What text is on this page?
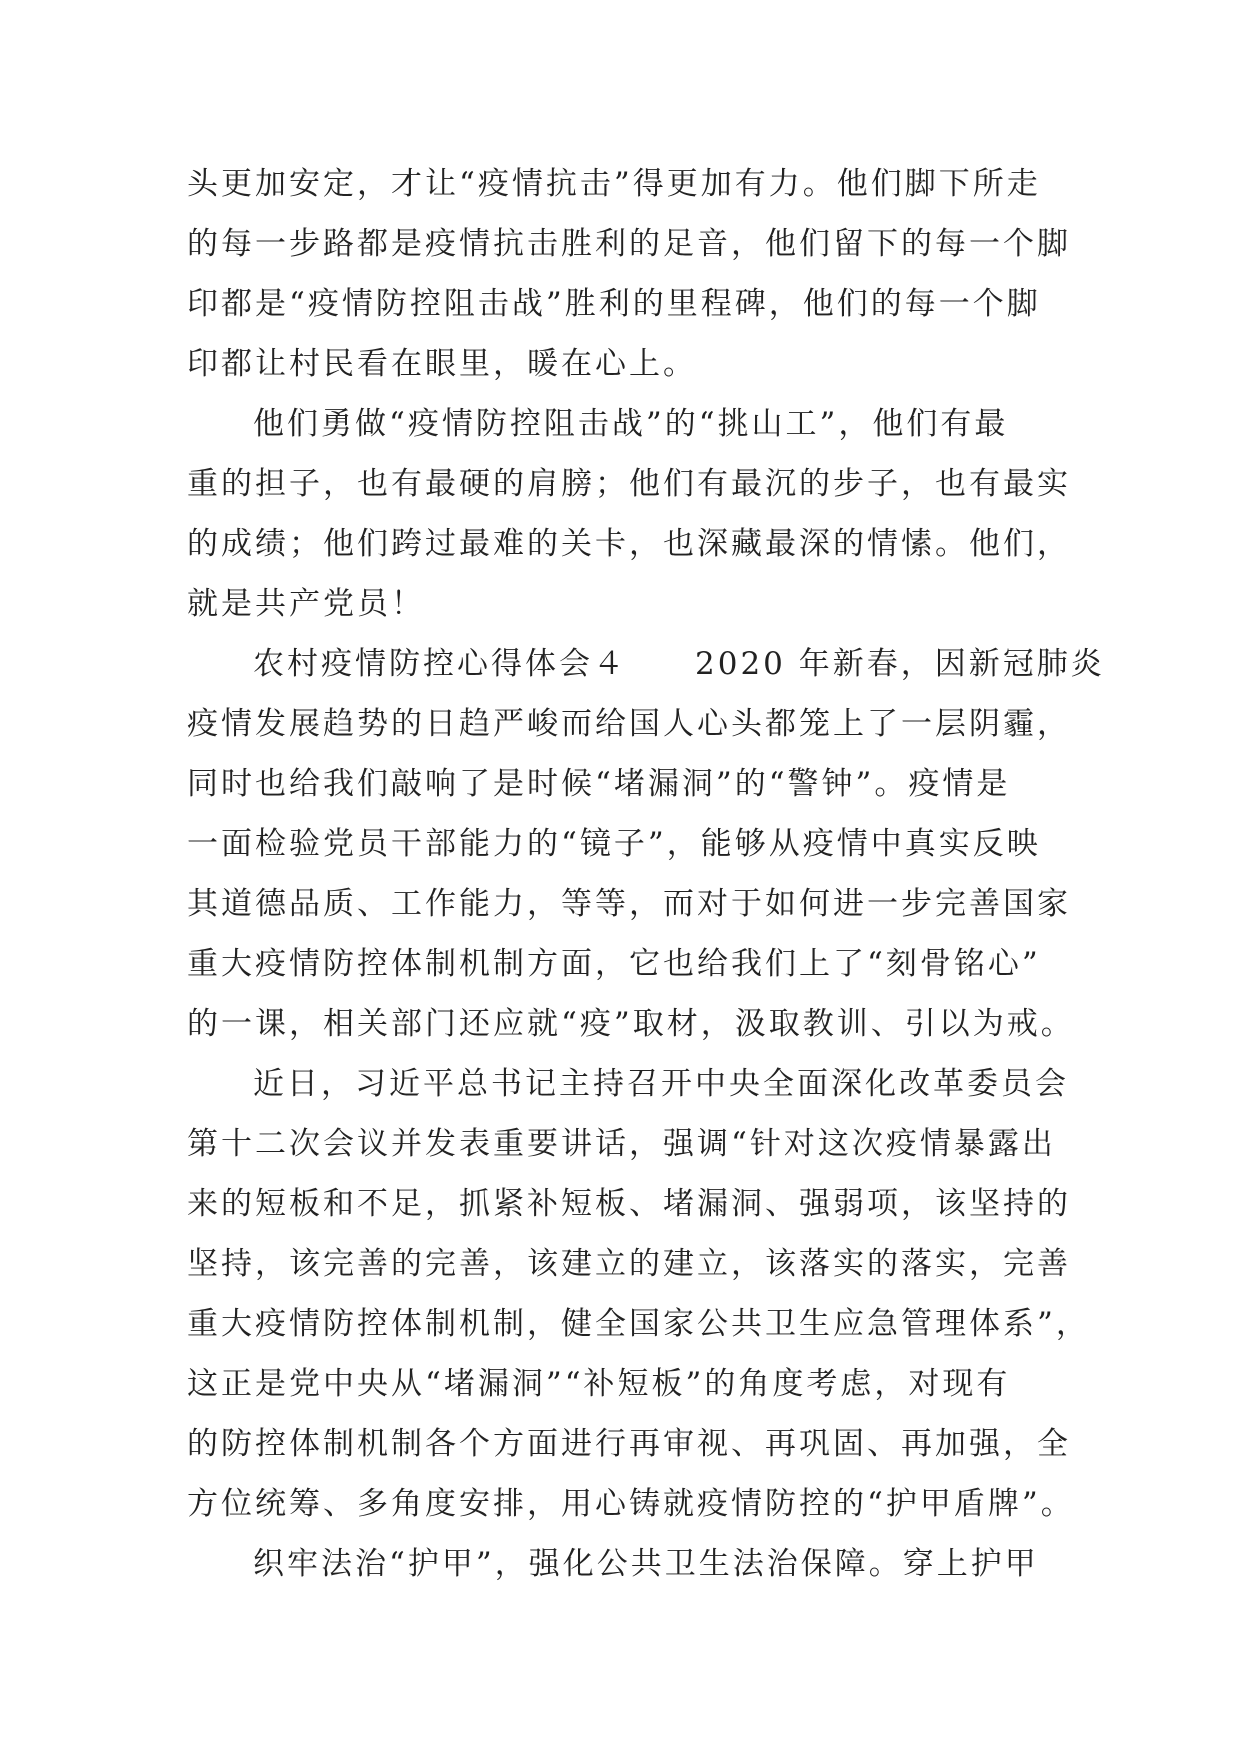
头更加安定，才让“疫情抗击”得更加有力。他们脚下所走
的每一步路都是疫情抗击胜利的足音，他们留下的每一个脚
印都是“疫情防控阻击战”胜利的里程碑，他们的每一个脚
印都让村民看在眼里，暖在心上。
他们勇做“疫情防控阻击战”的“挑山工”，他们有最
重的担子，也有最硬的肩膀；他们有最沉的步子，也有最实
的成绩；他们跨过最难的关卡，也深藏最深的情愫。他们，
就是共产党员！
农村疫情防控心得体会４　　2020 年新春，因新冠肺炎
疫情发展趋势的日趋严峻而给国人心头都笼上了一层阴霾，
同时也给我们敲响了是时候“堵漏洞”的“警钟”。疫情是
一面检验党员干部能力的“镜子”，能够从疫情中真实反映
其道德品质、工作能力，等等，而对于如何进一步完善国家
重大疫情防控体制机制方面，它也给我们上了“刻骨铭心”
的一课，相关部门还应就“疫”取材，汲取教训、引以为戒。
近日，习近平总书记主持召开中央全面深化改革委员会
第十二次会议并发表重要讲话，强调“针对这次疫情暴露出
来的短板和不足，抓紧补短板、堵漏洞、强弱项，该坚持的
坚持，该完善的完善，该建立的建立，该落实的落实，完善
重大疫情防控体制机制，健全国家公共卫生应急管理体系”，
这正是党中央从“堵漏洞”“补短板”的角度考虑，对现有
的防控体制机制各个方面进行再审视、再巩固、再加强，全
方位统筹、多角度安排，用心铸就疫情防控的“护甲盾牌”。
织牢法治“护甲”，强化公共卫生法治保障。穿上护甲
